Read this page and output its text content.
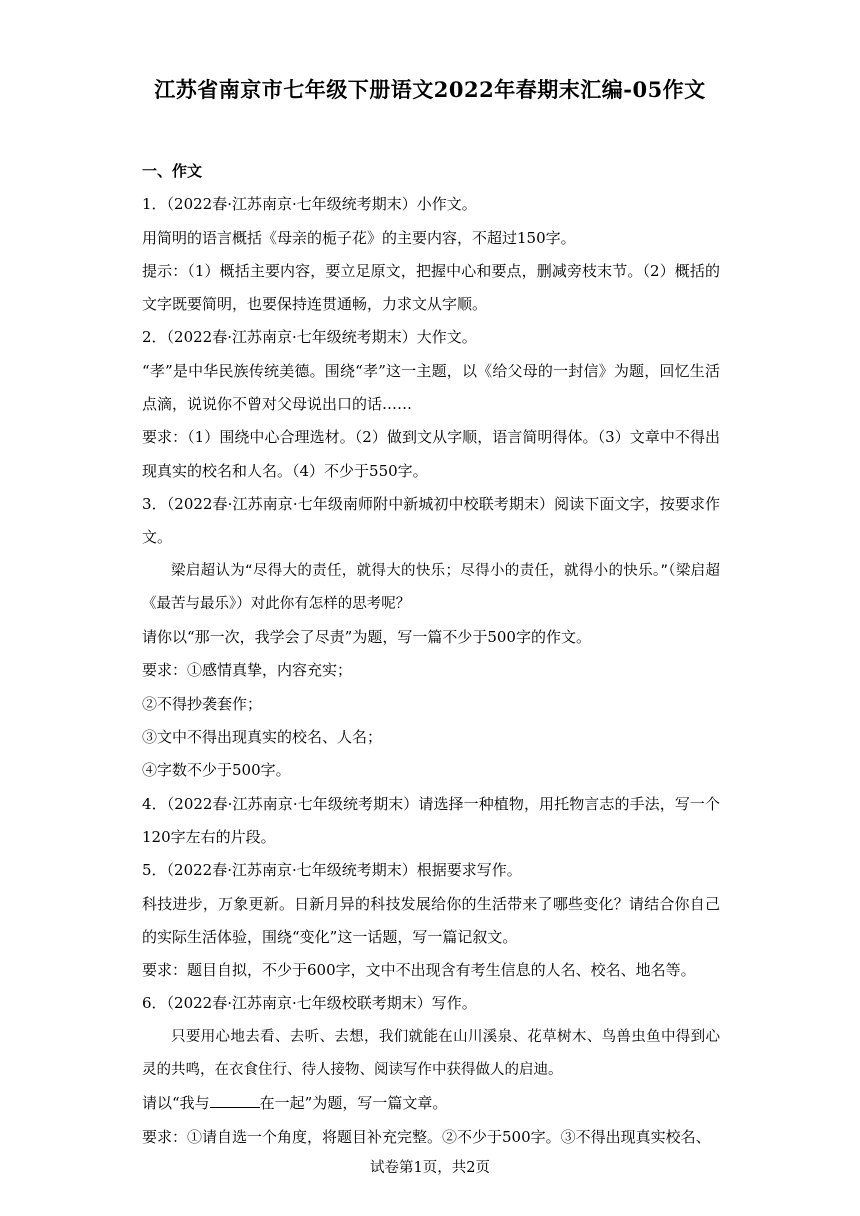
江苏省南京市七年级下册语文2022年春期末汇编-05作文

一、作文

1．（2022春·江苏南京·七年级统考期末）小作文。

用简明的语言概括《母亲的栀子花》的主要内容，不超过150字。

提示：（1）概括主要内容，要立足原文，把握中心和要点，删减旁枝末节。（2）概括的文字既要简明，也要保持连贯通畅，力求文从字顺。

2．（2022春·江苏南京·七年级统考期末）大作文。

“孝”是中华民族传统美德。围绕“孝”这一主题，以《给父母的一封信》为题，回忆生活点滴，说说你不曾对父母说出口的话……

要求：（1）围绕中心合理选材。（2）做到文从字顺，语言简明得体。（3）文章中不得出现真实的校名和人名。（4）不少于550字。

3．（2022春·江苏南京·七年级南师附中新城初中校联考期末）阅读下面文字，按要求作文。

梁启超认为“尽得大的责任，就得大的快乐；尽得小的责任，就得小的快乐。”（梁启超《最苦与最乐》）对此你有怎样的思考呢？

请你以“那一次，我学会了尽责”为题，写一篇不少于500字的作文。

要求：①感情真挚，内容充实；

②不得抄袭套作；

③文中不得出现真实的校名、人名；

④字数不少于500字。

4．（2022春·江苏南京·七年级统考期末）请选择一种植物，用托物言志的手法，写一个120字左右的片段。

5．（2022春·江苏南京·七年级统考期末）根据要求写作。

科技进步，万象更新。日新月异的科技发展给你的生活带来了哪些变化？请结合你自己的实际生活体验，围绕“变化”这一话题，写一篇记叙文。

要求：题目自拟，不少于600字，文中不出现含有考生信息的人名、校名、地名等。

6．（2022春·江苏南京·七年级校联考期末）写作。

只要用心地去看、去听、去想，我们就能在山川溪泉、花草树木、鸟兽虫鱼中得到心灵的共鸣，在衣食住行、待人接物、阅读写作中获得做人的启迪。

请以“我与	在一起”为题，写一篇文章。

要求：①请自选一个角度，将题目补充完整。②不少于500字。③不得出现真实校名、

试卷第1页，共2页
